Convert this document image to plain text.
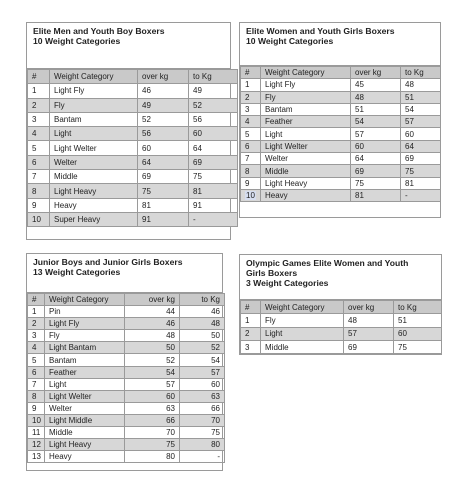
Elite Men and Youth Boy Boxers
10 Weight Categories
#	Weight Category	over kg	to Kg
1	Light Fly	46	49
2	Fly	49	52
3	Bantam	52	56
4	Light	56	60
5	Light Welter	60	64
6	Welter	64	69
7	Middle	69	75
8	Light Heavy	75	81
9	Heavy	81	91
10	Super Heavy	91	-
Elite Women and Youth Girls Boxers
10 Weight Categories
#	Weight Category	over kg	to Kg
1	Light Fly	45	48
2	Fly	48	51
3	Bantam	51	54
4	Feather	54	57
5	Light	57	60
6	Light Welter	60	64
7	Welter	64	69
8	Middle	69	75
9	Light Heavy	75	81
10	Heavy	81	-
Junior Boys and Junior Girls Boxers
13 Weight Categories
#	Weight Category	over kg	to Kg
1	Pin	44	46
2	Light Fly	46	48
3	Fly	48	50
4	Light Bantam	50	52
5	Bantam	52	54
6	Feather	54	57
7	Light	57	60
8	Light Welter	60	63
9	Welter	63	66
10	Light Middle	66	70
11	Middle	70	75
12	Light Heavy	75	80
13	Heavy	80	-
Olympic Games Elite Women and Youth
Girls Boxers
3 Weight Categories
#	Weight Category	over kg	to Kg
1	Fly	48	51
2	Light	57	60
3	Middle	69	75
